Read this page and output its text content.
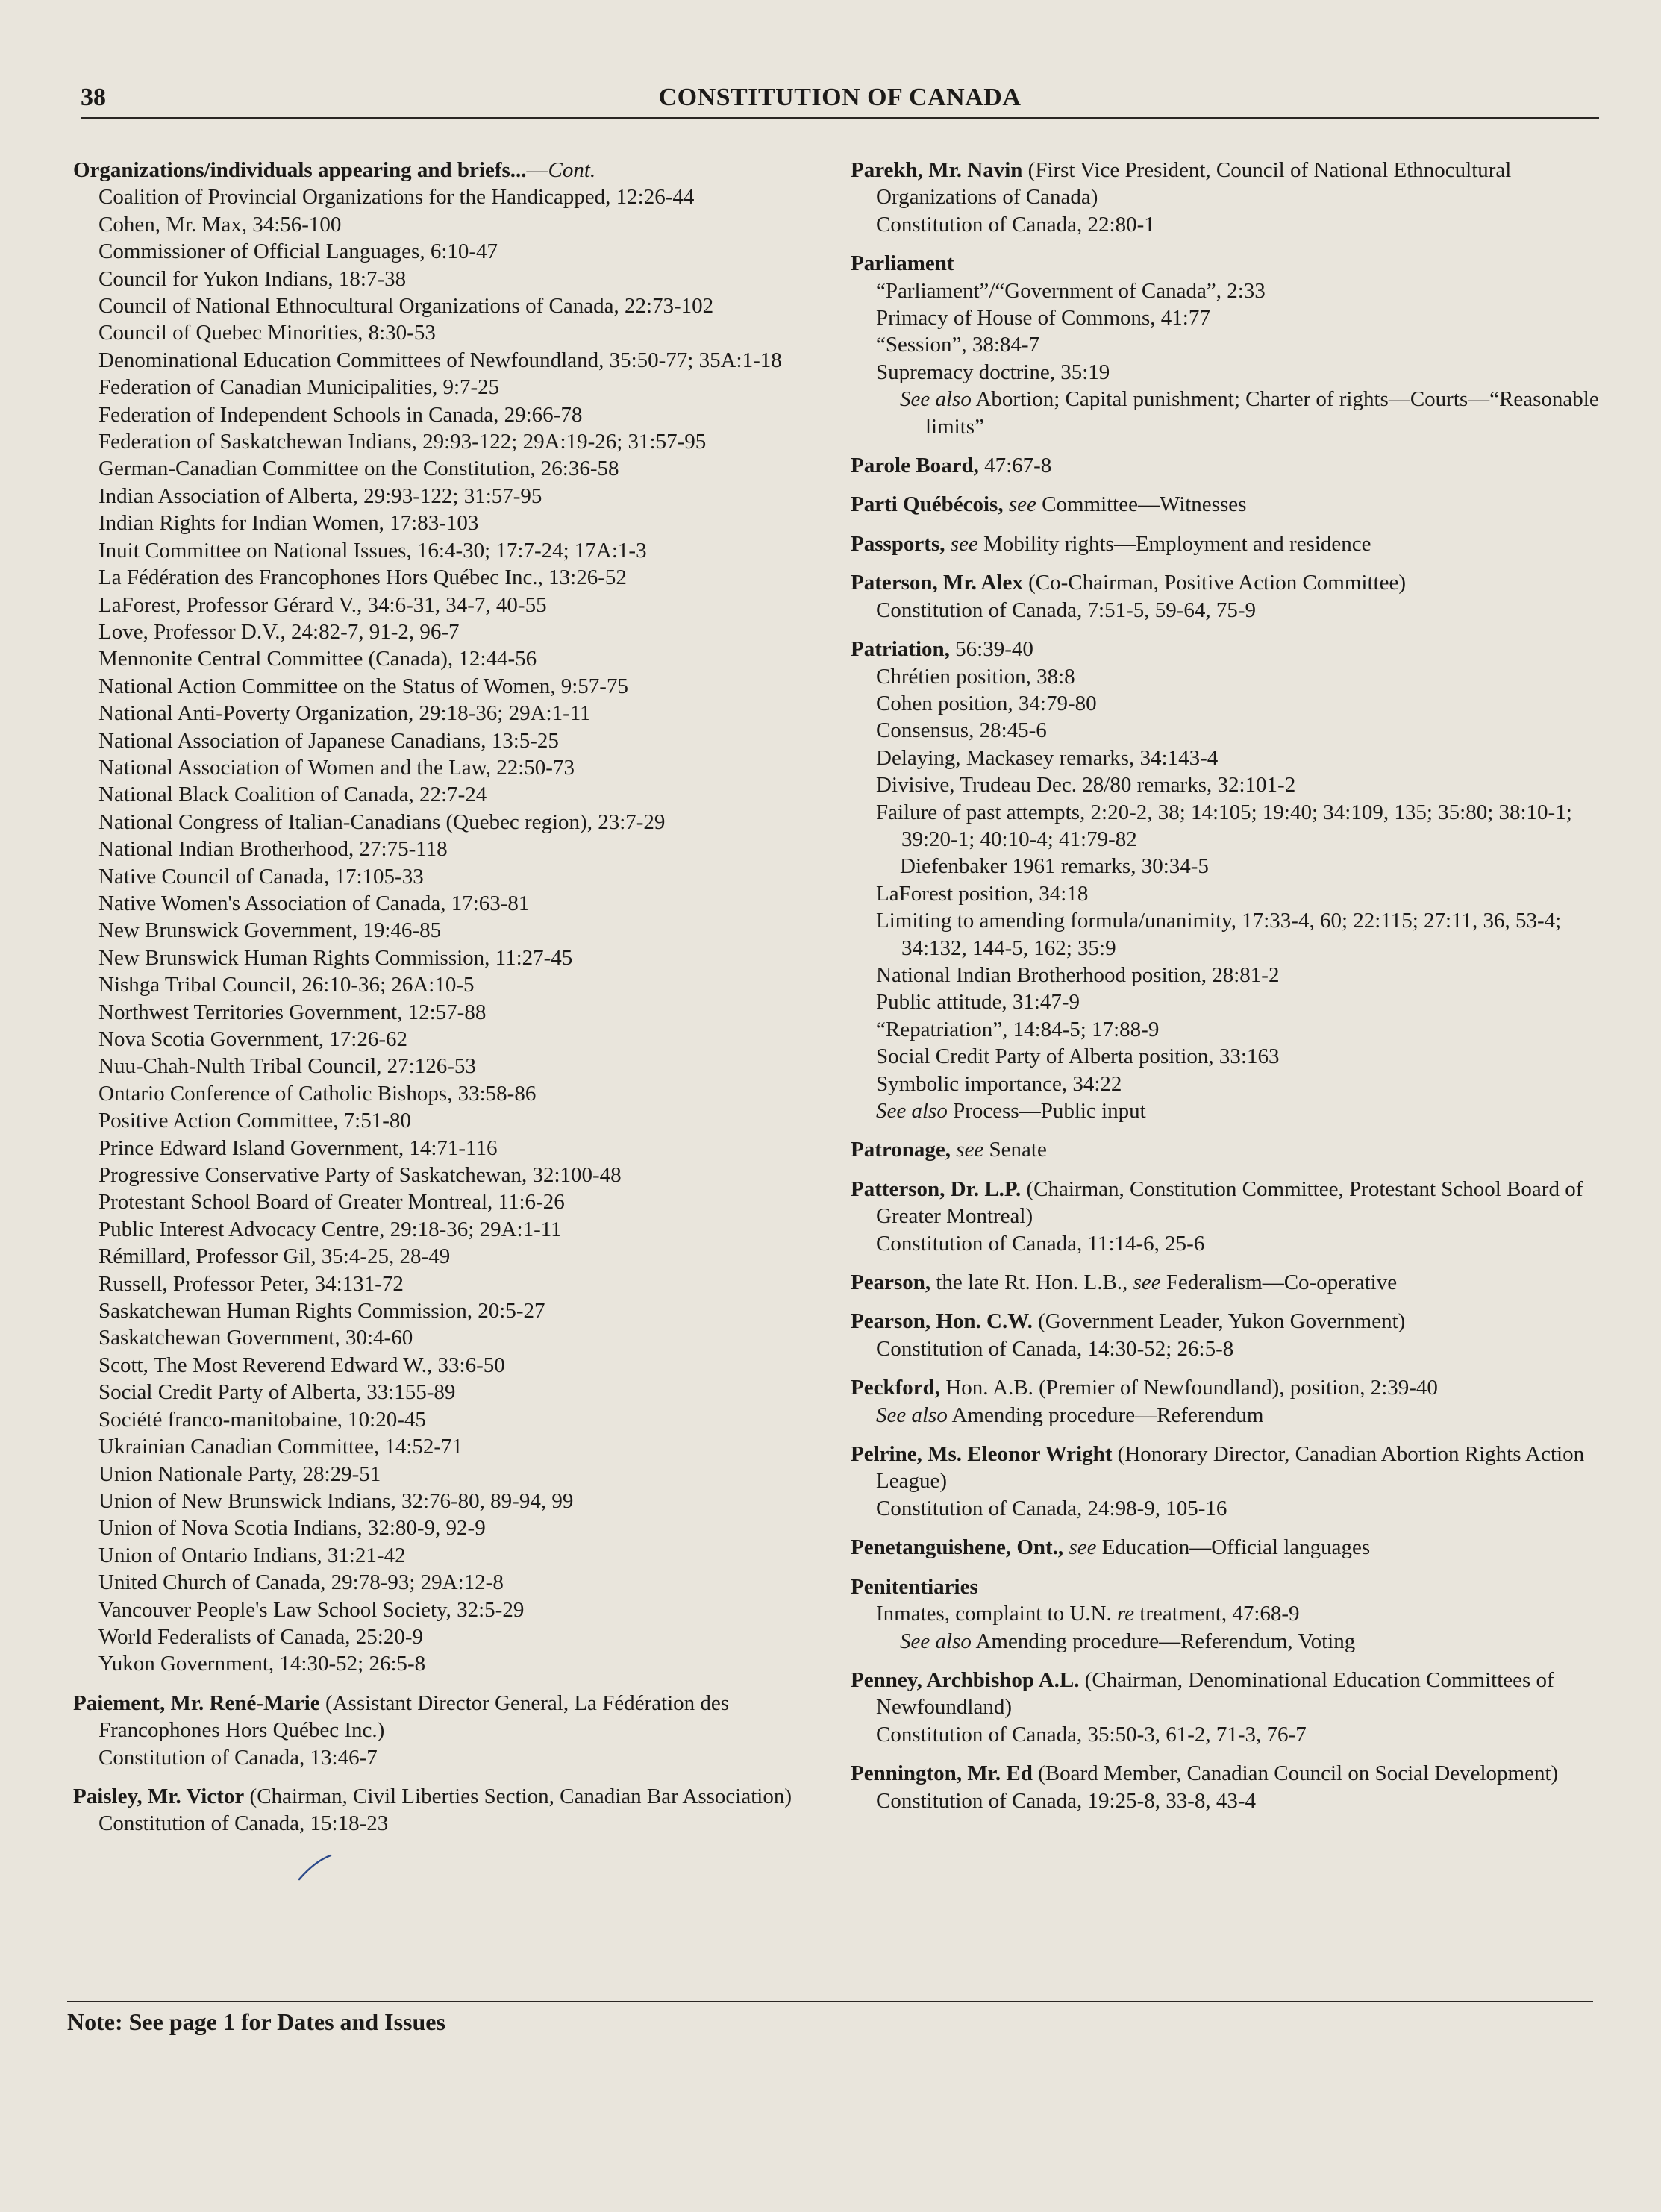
38	CONSTITUTION OF CANADA
Organizations/individuals appearing and briefs...—Cont.
Coalition of Provincial Organizations for the Handicapped, 12:26-44
Cohen, Mr. Max, 34:56-100
Commissioner of Official Languages, 6:10-47
Council for Yukon Indians, 18:7-38
Council of National Ethnocultural Organizations of Canada, 22:73-102
Council of Quebec Minorities, 8:30-53
Denominational Education Committees of Newfoundland, 35:50-77; 35A:1-18
Federation of Canadian Municipalities, 9:7-25
Federation of Independent Schools in Canada, 29:66-78
Federation of Saskatchewan Indians, 29:93-122; 29A:19-26; 31:57-95
German-Canadian Committee on the Constitution, 26:36-58
Indian Association of Alberta, 29:93-122; 31:57-95
Indian Rights for Indian Women, 17:83-103
Inuit Committee on National Issues, 16:4-30; 17:7-24; 17A:1-3
La Fédération des Francophones Hors Québec Inc., 13:26-52
LaForest, Professor Gérard V., 34:6-31, 34-7, 40-55
Love, Professor D.V., 24:82-7, 91-2, 96-7
Mennonite Central Committee (Canada), 12:44-56
National Action Committee on the Status of Women, 9:57-75
National Anti-Poverty Organization, 29:18-36; 29A:1-11
National Association of Japanese Canadians, 13:5-25
National Association of Women and the Law, 22:50-73
National Black Coalition of Canada, 22:7-24
National Congress of Italian-Canadians (Quebec region), 23:7-29
National Indian Brotherhood, 27:75-118
Native Council of Canada, 17:105-33
Native Women's Association of Canada, 17:63-81
New Brunswick Government, 19:46-85
New Brunswick Human Rights Commission, 11:27-45
Nishga Tribal Council, 26:10-36; 26A:10-5
Northwest Territories Government, 12:57-88
Nova Scotia Government, 17:26-62
Nuu-Chah-Nulth Tribal Council, 27:126-53
Ontario Conference of Catholic Bishops, 33:58-86
Positive Action Committee, 7:51-80
Prince Edward Island Government, 14:71-116
Progressive Conservative Party of Saskatchewan, 32:100-48
Protestant School Board of Greater Montreal, 11:6-26
Public Interest Advocacy Centre, 29:18-36; 29A:1-11
Rémillard, Professor Gil, 35:4-25, 28-49
Russell, Professor Peter, 34:131-72
Saskatchewan Human Rights Commission, 20:5-27
Saskatchewan Government, 30:4-60
Scott, The Most Reverend Edward W., 33:6-50
Social Credit Party of Alberta, 33:155-89
Société franco-manitobaine, 10:20-45
Ukrainian Canadian Committee, 14:52-71
Union Nationale Party, 28:29-51
Union of New Brunswick Indians, 32:76-80, 89-94, 99
Union of Nova Scotia Indians, 32:80-9, 92-9
Union of Ontario Indians, 31:21-42
United Church of Canada, 29:78-93; 29A:12-8
Vancouver People's Law School Society, 32:5-29
World Federalists of Canada, 25:20-9
Yukon Government, 14:30-52; 26:5-8
Paiement, Mr. René-Marie (Assistant Director General, La Fédération des Francophones Hors Québec Inc.)
Constitution of Canada, 13:46-7
Paisley, Mr. Victor (Chairman, Civil Liberties Section, Canadian Bar Association)
Constitution of Canada, 15:18-23
Parekh, Mr. Navin (First Vice President, Council of National Ethnocultural Organizations of Canada)
Constitution of Canada, 22:80-1
Parliament
“Parliament”/“Government of Canada”, 2:33
Primacy of House of Commons, 41:77
“Session”, 38:84-7
Supremacy doctrine, 35:19
See also Abortion; Capital punishment; Charter of rights—Courts—“Reasonable limits”
Parole Board, 47:67-8
Parti Québécois, see Committee—Witnesses
Passports, see Mobility rights—Employment and residence
Paterson, Mr. Alex (Co-Chairman, Positive Action Committee)
Constitution of Canada, 7:51-5, 59-64, 75-9
Patriation, 56:39-40
Chrétien position, 38:8
Cohen position, 34:79-80
Consensus, 28:45-6
Delaying, Mackasey remarks, 34:143-4
Divisive, Trudeau Dec. 28/80 remarks, 32:101-2
Failure of past attempts, 2:20-2, 38; 14:105; 19:40; 34:109, 135; 35:80; 38:10-1; 39:20-1; 40:10-4; 41:79-82
Diefenbaker 1961 remarks, 30:34-5
LaForest position, 34:18
Limiting to amending formula/unanimity, 17:33-4, 60; 22:115; 27:11, 36, 53-4; 34:132, 144-5, 162; 35:9
National Indian Brotherhood position, 28:81-2
Public attitude, 31:47-9
“Repatriation”, 14:84-5; 17:88-9
Social Credit Party of Alberta position, 33:163
Symbolic importance, 34:22
See also Process—Public input
Patronage, see Senate
Patterson, Dr. L.P. (Chairman, Constitution Committee, Protestant School Board of Greater Montreal)
Constitution of Canada, 11:14-6, 25-6
Pearson, the late Rt. Hon. L.B., see Federalism—Co-operative
Pearson, Hon. C.W. (Government Leader, Yukon Government)
Constitution of Canada, 14:30-52; 26:5-8
Peckford, Hon. A.B. (Premier of Newfoundland), position, 2:39-40
See also Amending procedure—Referendum
Pelrine, Ms. Eleonor Wright (Honorary Director, Canadian Abortion Rights Action League)
Constitution of Canada, 24:98-9, 105-16
Penetanguishene, Ont., see Education—Official languages
Penitentiaries
Inmates, complaint to U.N. re treatment, 47:68-9
See also Amending procedure—Referendum, Voting
Penney, Archbishop A.L. (Chairman, Denominational Education Committees of Newfoundland)
Constitution of Canada, 35:50-3, 61-2, 71-3, 76-7
Pennington, Mr. Ed (Board Member, Canadian Council on Social Development)
Constitution of Canada, 19:25-8, 33-8, 43-4
Note: See page 1 for Dates and Issues
